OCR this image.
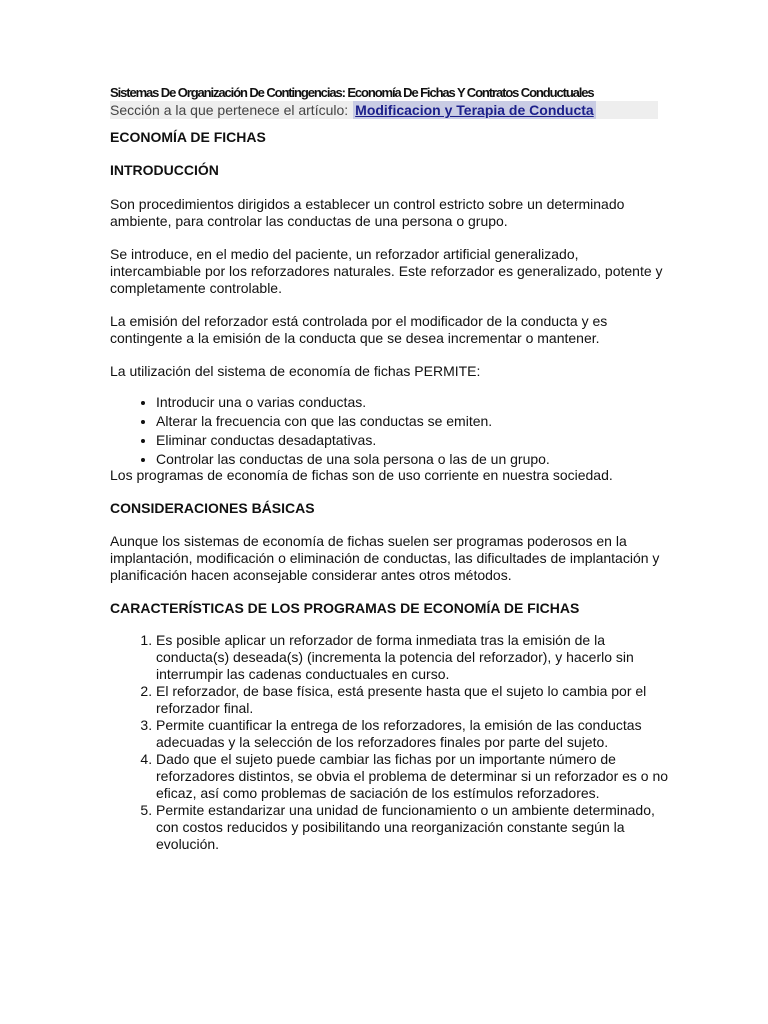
Sistemas De Organización De Contingencias: Economía De Fichas Y Contratos Conductuales

Sección a la que pertenece el artículo: Modificacion y Terapia de Conducta

ECONOMÍA DE FICHAS

INTRODUCCIÓN

Son procedimientos dirigidos a establecer un control estricto sobre un determinado ambiente, para controlar las conductas de una persona o grupo.

Se introduce, en el medio del paciente, un reforzador artificial generalizado, intercambiable por los reforzadores naturales. Este reforzador es generalizado, potente y completamente controlable.

La emisión del reforzador está controlada por el modificador de la conducta y es contingente a la emisión de la conducta que se desea incrementar o mantener.

La utilización del sistema de economía de fichas PERMITE:

• Introducir una o varias conductas.
• Alterar la frecuencia con que las conductas se emiten.
• Eliminar conductas desadaptativas.
• Controlar las conductas de una sola persona o las de un grupo.

Los programas de economía de fichas son de uso corriente en nuestra sociedad.

CONSIDERACIONES BÁSICAS

Aunque los sistemas de economía de fichas suelen ser programas poderosos en la implantación, modificación o eliminación de conductas, las dificultades de implantación y planificación hacen aconsejable considerar antes otros métodos.

CARACTERÍSTICAS DE LOS PROGRAMAS DE ECONOMÍA DE FICHAS

1. Es posible aplicar un reforzador de forma inmediata tras la emisión de la conducta(s) deseada(s) (incrementa la potencia del reforzador), y hacerlo sin interrumpir las cadenas conductuales en curso.
2. El reforzador, de base física, está presente hasta que el sujeto lo cambia por el reforzador final.
3. Permite cuantificar la entrega de los reforzadores, la emisión de las conductas adecuadas y la selección de los reforzadores finales por parte del sujeto.
4. Dado que el sujeto puede cambiar las fichas por un importante número de reforzadores distintos, se obvia el problema de determinar si un reforzador es o no eficaz, así como problemas de saciación de los estímulos reforzadores.
5. Permite estandarizar una unidad de funcionamiento o un ambiente determinado, con costos reducidos y posibilitando una reorganización constante según la evolución.
